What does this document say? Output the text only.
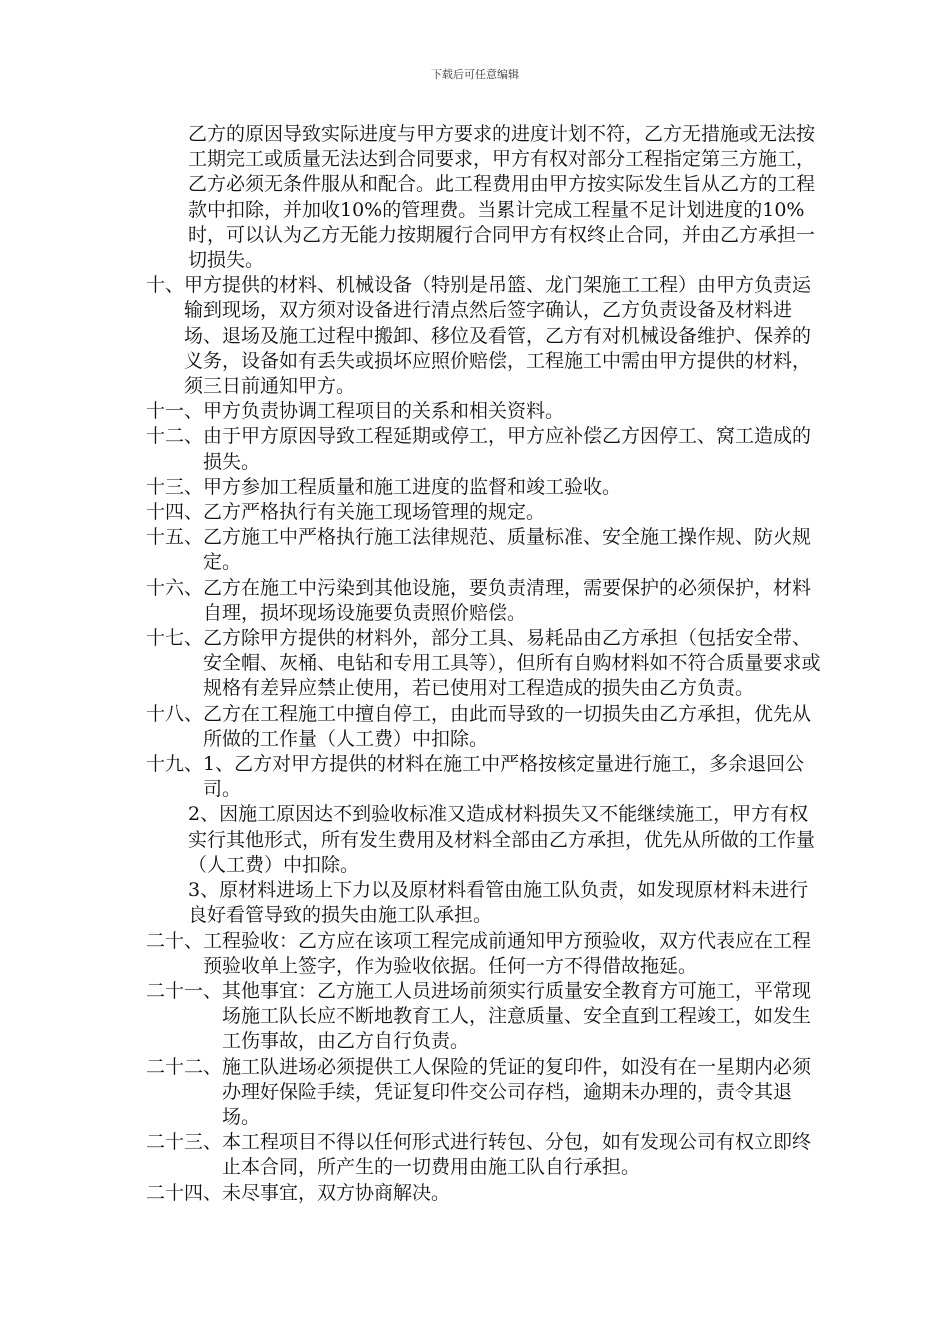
下载后可任意编辑

乙方的原因导致实际进度与甲方要求的进度计划不符，乙方无措施或无法按工期完工或质量无法达到合同要求，甲方有权对部分工程指定第三方施工，乙方必须无条件服从和配合。此工程费用由甲方按实际发生旨从乙方的工程款中扣除，并加收10%的管理费。当累计完成工程量不足计划进度的10%时，可以认为乙方无能力按期履行合同甲方有权终止合同，并由乙方承担一切损失。

十、 甲方提供的材料、机械设备（特别是吊篮、龙门架施工工程）由甲方负责运输到现场，双方须对设备进行清点然后签字确认，乙方负责设备及材料进场、退场及施工过程中搬卸、移位及看管，乙方有对机械设备维护、保养的义务，设备如有丢失或损坏应照价赔偿，工程施工中需由甲方提供的材料，须三日前通知甲方。

十一、 甲方负责协调工程项目的关系和相关资料。

十二、 由于甲方原因导致工程延期或停工，甲方应补偿乙方因停工、窝工造成的损失。

十三、 甲方参加工程质量和施工进度的监督和竣工验收。

十四、 乙方严格执行有关施工现场管理的规定。

十五、 乙方施工中严格执行施工法律规范、质量标准、安全施工操作规、防火规定。

十六、 乙方在施工中污染到其他设施，要负责清理，需要保护的必须保护，材料自理，损坏现场设施要负责照价赔偿。

十七、 乙方除甲方提供的材料外，部分工具、易耗品由乙方承担（包括安全带、安全帽、灰桶、电钻和专用工具等），但所有自购材料如不符合质量要求或规格有差异应禁止使用，若已使用对工程造成的损失由乙方负责。

十八、 乙方在工程施工中擅自停工，由此而导致的一切损失由乙方承担，优先从所做的工作量（人工费）中扣除。

十九、 1、乙方对甲方提供的材料在施工中严格按核定量进行施工，多余退回公司。

2、因施工原因达不到验收标准又造成材料损失又不能继续施工，甲方有权实行其他形式，所有发生费用及材料全部由乙方承担，优先从所做的工作量（人工费）中扣除。

3、原材料进场上下力以及原材料看管由施工队负责，如发现原材料未进行良好看管导致的损失由施工队承担。

二十、 工程验收：乙方应在该项工程完成前通知甲方预验收，双方代表应在工程预验收单上签字，作为验收依据。任何一方不得借故拖延。

二十一、 其他事宜：乙方施工人员进场前须实行质量安全教育方可施工，平常现场施工队长应不断地教育工人，注意质量、安全直到工程竣工，如发生工伤事故，由乙方自行负责。

二十二、 施工队进场必须提供工人保险的凭证的复印件，如没有在一星期内必须办理好保险手续，凭证复印件交公司存档，逾期未办理的，责令其退场。

二十三、 本工程项目不得以任何形式进行转包、分包，如有发现公司有权立即终止本合同，所产生的一切费用由施工队自行承担。

二十四、 未尽事宜，双方协商解决。
